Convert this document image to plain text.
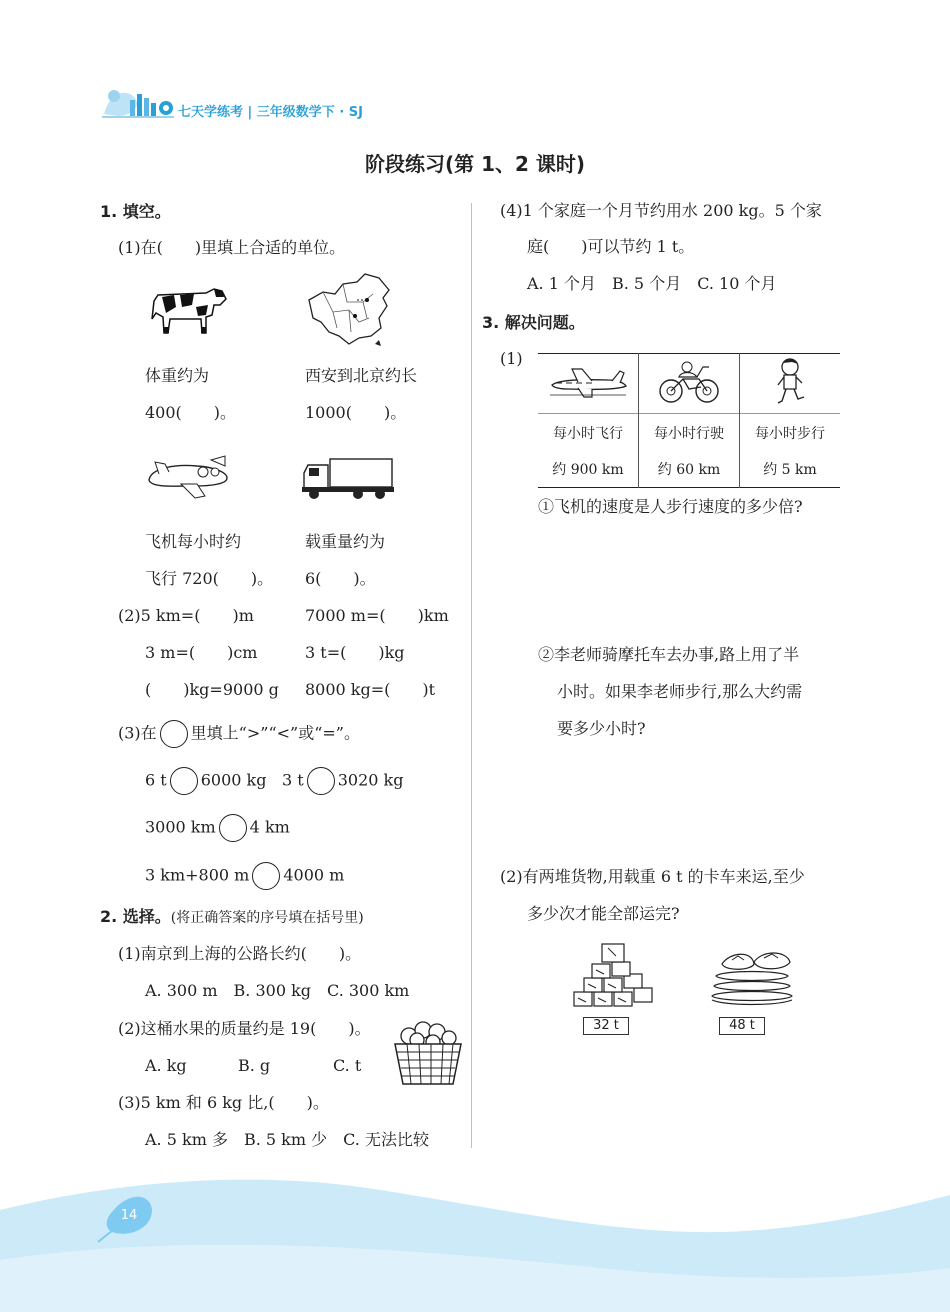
14
七天学练考 | 三年级数学下 · SJ
阶段练习(第 1、2 课时)
1. 填空。
(1)在(　　)里填上合适的单位。
体重约为
400(　　)。
西安到北京约长
1000(　　)。
飞机每小时约
飞行 720(　　)。
载重量约为
6(　　)。
(2)5 km=(　　)m	7000 m=(　　)km
3 m=(　　)cm	3 t=(　　)kg
(　　)kg=9000 g 8000 kg=(　　)t
(3)在 里填上“>”“<”或“=”。
6 t 6000 kg 3 t 3020 kg
3000 km 4 km
3 km+800 m 4000 m
2. 选择。(将正确答案的序号填在括号里)
(1)南京到上海的公路长约(　　)。
A. 300 m　B. 300 kg　C. 300 km
(2)这桶水果的质量约是 19(　　)。
A. kg	B. g	C. t
(3)5 km 和 6 kg 比,(　　)。
A. 5 km 多　B. 5 km 少　C. 无法比较
(4)1 个家庭一个月节约用水 200 kg。5 个家
庭(　　)可以节约 1 t。
A. 1 个月　B. 5 个月　C. 10 个月
3. 解决问题。
(1)

每小时飞行	每小时行驶	每小时步行
约 900 km	约 60 km	约 5 km
①飞机的速度是人步行速度的多少倍?
②李老师骑摩托车去办事,路上用了半
小时。如果李老师步行,那么大约需
要多少小时?
(2)有两堆货物,用载重 6 t 的卡车来运,至少
多少次才能全部运完?
32 t	48 t
